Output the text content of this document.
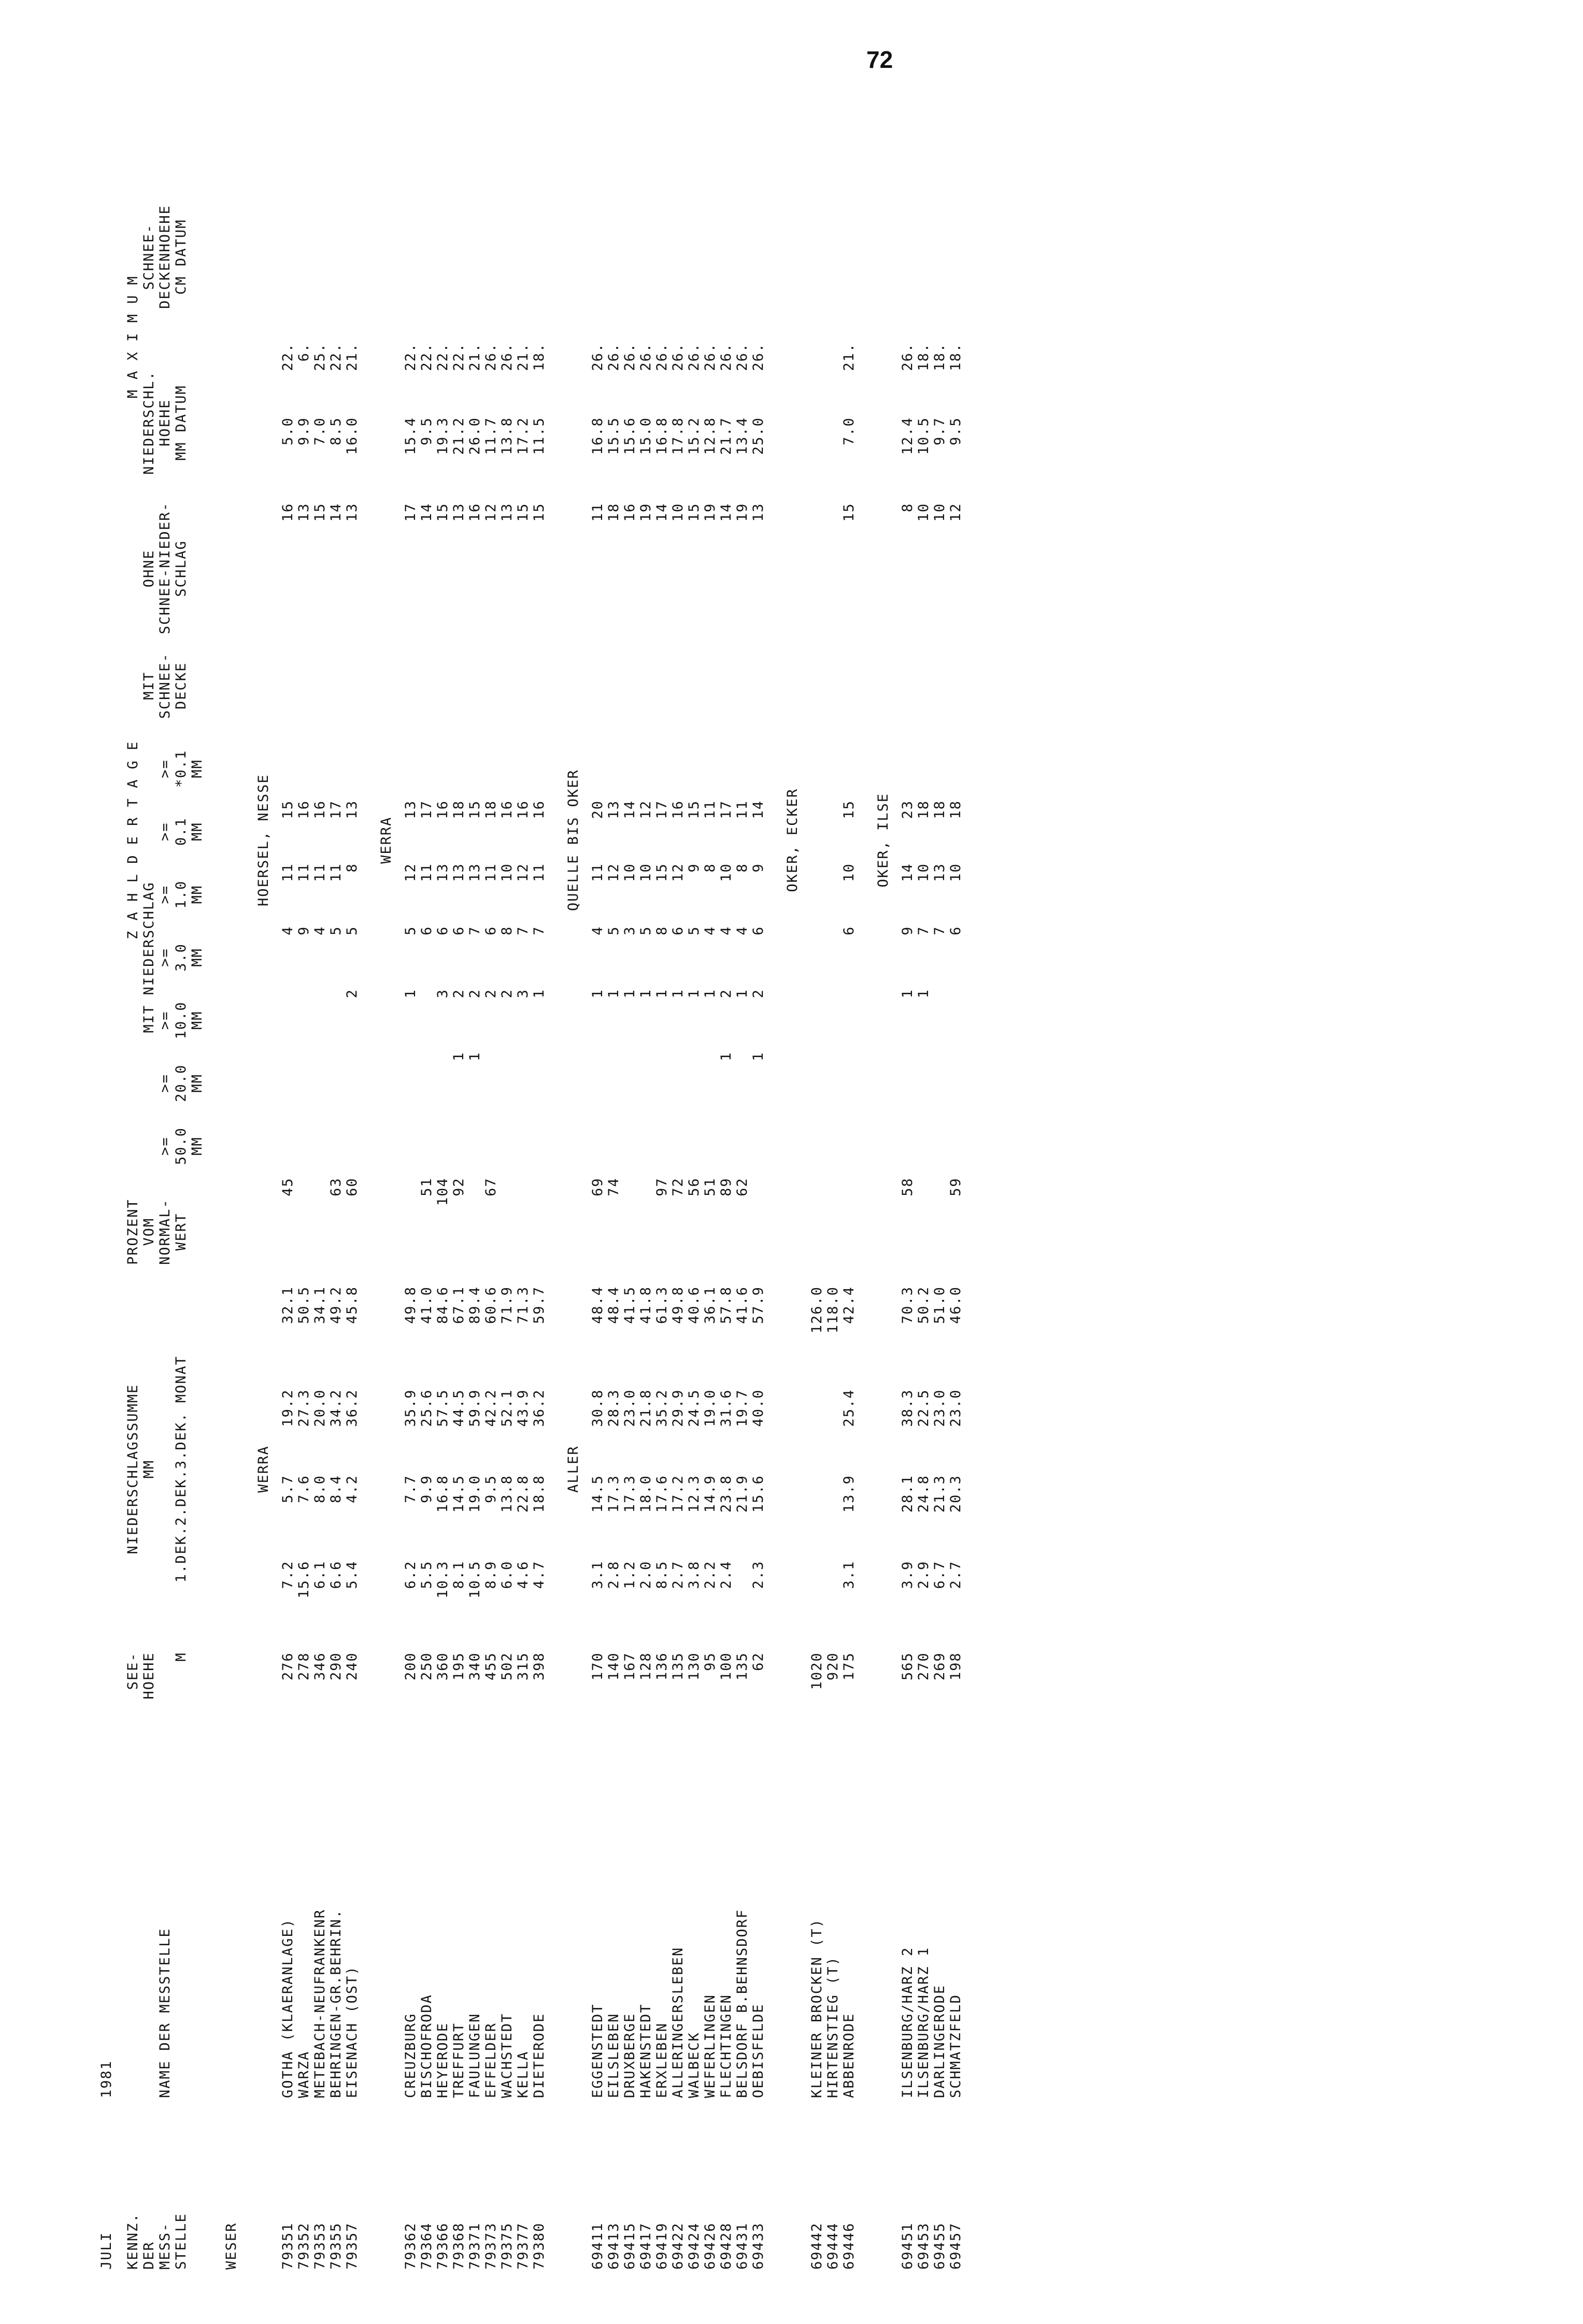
72
JULI	1981																			

KENNZ.		SEE-	NIEDERSCHLAGSSUMME				PROZENT	Z A H L D E R T A G E									M A X I M U M			
DER		HOEHE	MM				VOM	MIT NIEDERSCHLAG							MIT	OHNE	NIEDERSCHL.		SCHNEE-	
MESS-	NAME DER MESSTELLE						NORMAL-	>=	>=	>=	>=	>=	>=	>=	SCHNEE-	SCHNEE-NIEDER-	HOEHE		DECKENHOEHE	
STELLE		M	1.DEK.2.DEK.3.DEK. MONAT				WERT	50.0	20.0	10.0	3.0	1.0	0.1	*0.1	DECKE	SCHLAG	MM DATUM		CM DATUM	
								MM	MM	MM	MM	MM	MM	MM						

WESER																				
			WERRA					HOERSEL, NESSE												
79351	GOTHA (KLAERANLAGE)	276	7.2	5.7	19.2	32.1	45				4	11	15			16	5.0	22.		
79352	WARZA	278	15.6	7.6	27.3	50.5					9	11	16			13	9.9	6.		
79353	METEBACH-NEUFRANKENR	346	6.1	8.0	20.0	34.1					4	11	16			15	7.0	25.		
79355	BEHRINGEN-GR.BEHRIN.	290	6.6	8.4	34.2	49.2	63				5	11	17			14	8.5	22.		
79357	EISENACH (OST)	240	5.4	4.2	36.2	45.8	60			2	5	8	13			13	16.0	21.		

								WERRA												
79362	CREUZBURG	200	6.2	7.7	35.9	49.8				1	5	12	13			17	15.4	22.		
79364	BISCHOFRODA	250	5.5	9.9	25.6	41.0	51				6	11	17			14	9.5	22.		
79366	HEYERODE	360	10.3	16.8	57.5	84.6	104			3	6	13	16			15	19.3	22.		
79368	TREFFURT	195	8.1	14.5	44.5	67.1	92		1	2	6	13	18			13	21.2	22.		
79371	FAULUNGEN	340	10.5	19.0	59.9	89.4			1	2	7	13	15			16	26.0	21.		
79373	EFFELDER	455	8.9	9.5	42.2	60.6	67			2	6	11	18			12	11.7	26.		
79375	WACHSTEDT	502	6.0	13.8	52.1	71.9				2	8	10	16			13	13.8	26.		
79377	KELLA	315	4.6	22.8	43.9	71.3				3	7	12	16			15	17.2	21.		
79380	DIETERODE	398	4.7	18.8	36.2	59.7				1	7	11	16			15	11.5	18.		

			ALLER					QUELLE BIS OKER												
69411	EGGENSTEDT	170	3.1	14.5	30.8	48.4	69			1	4	11	20			11	16.8	26.		
69413	EILSLEBEN	140	2.8	17.3	28.3	48.4	74			1	5	12	13			18	15.5	26.		
69415	DRUXBERGE	167	1.2	17.3	23.0	41.5				1	3	10	14			16	15.6	26.		
69417	HAKENSTEDT	128	2.0	18.0	21.8	41.8				1	5	10	12			19	15.0	26.		
69419	ERXLEBEN	136	8.5	17.6	35.2	61.3	97			1	8	15	17			14	16.8	26.		
69422	ALLERINGERSLEBEN	135	2.7	17.2	29.9	49.8	72			1	6	12	16			10	17.8	26.		
69424	WALBECK	130	3.8	12.3	24.5	40.6	56			1	5	9	15			15	15.2	26.		
69426	WEFERLINGEN	95	2.2	14.9	19.0	36.1	51			1	4	8	11			19	12.8	26.		
69428	FLECHTINGEN	100	2.4	23.8	31.6	57.8	89		1	2	4	10	17			14	21.7	26.		
69431	BELSDORF B.BEHNSDORF	135		21.9	19.7	41.6	62			1	4	8	11			19	13.4	26.		
69433	OEBISFELDE	62	2.3	15.6	40.0	57.9			1	2	6	9	14			13	25.0	26.		

								OKER, ECKER												
69442	KLEINER BROCKEN (T)	1020				126.0														
69444	HIRTENSTIEG (T)	920				118.0														
69446	ABBENRODE	175	3.1	13.9	25.4	42.4					6	10	15			15	7.0	21.		

								OKER, ILSE												
69451	ILSENBURG/HARZ 2	565	3.9	28.1	38.3	70.3	58			1	9	14	23			8	12.4	26.		
69453	ILSENBURG/HARZ 1	270	2.9	24.8	22.5	50.2				1	7	10	18			10	10.5	18.		
69455	DARLINGERODE	269	6.7	21.3	23.0	51.0					7	13	18			10	9.7	18.		
69457	SCHMATZFELD	198	2.7	20.3	23.0	46.0	59				6	10	18			12	9.5	18.		
